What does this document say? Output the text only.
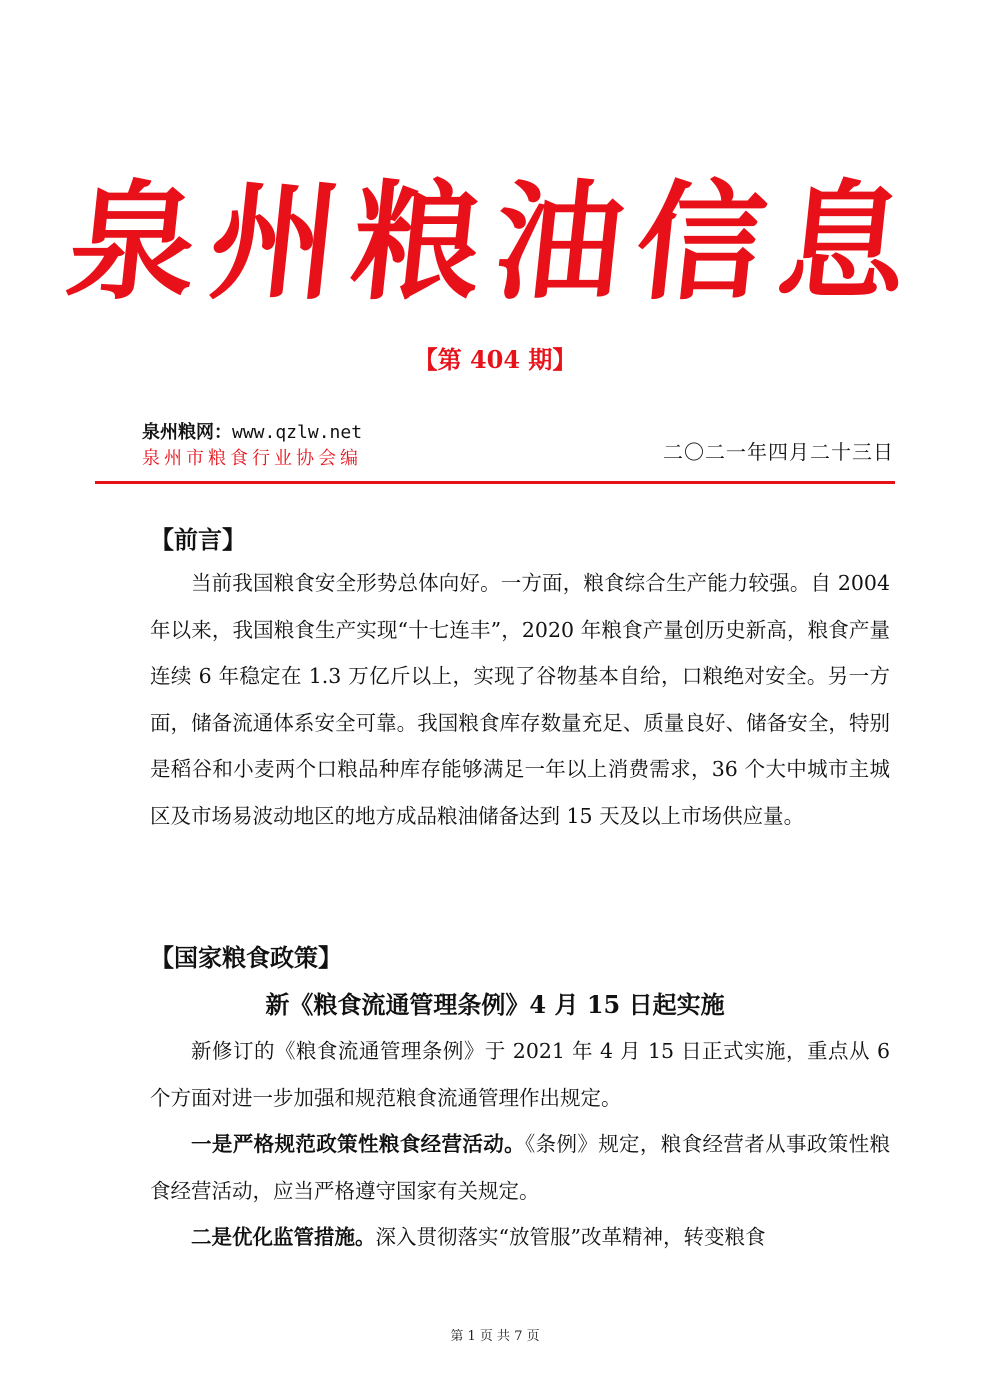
泉州粮油信息
【第 404 期】
泉州粮网：www.qzlw.net
泉州市粮食行业协会编	二〇二一年四月二十三日
【前言】

当前我国粮食安全形势总体向好。一方面，粮食综合生产能力较强。自 2004 年以来，我国粮食生产实现“十七连丰”，2020 年粮食产量创历史新高，粮食产量连续 6 年稳定在 1.3 万亿斤以上，实现了谷物基本自给，口粮绝对安全。另一方面，储备流通体系安全可靠。我国粮食库存数量充足、质量良好、储备安全，特别是稻谷和小麦两个口粮品种库存能够满足一年以上消费需求，36 个大中城市主城区及市场易波动地区的地方成品粮油储备达到 15 天及以上市场供应量。

【国家粮食政策】
新《粮食流通管理条例》4 月 15 日起实施

新修订的《粮食流通管理条例》于 2021 年 4 月 15 日正式实施，重点从 6 个方面对进一步加强和规范粮食流通管理作出规定。

一是严格规范政策性粮食经营活动。《条例》规定，粮食经营者从事政策性粮食经营活动，应当严格遵守国家有关规定。

二是优化监管措施。深入贯彻落实“放管服”改革精神，转变粮食

第 1 页 共 7 页
